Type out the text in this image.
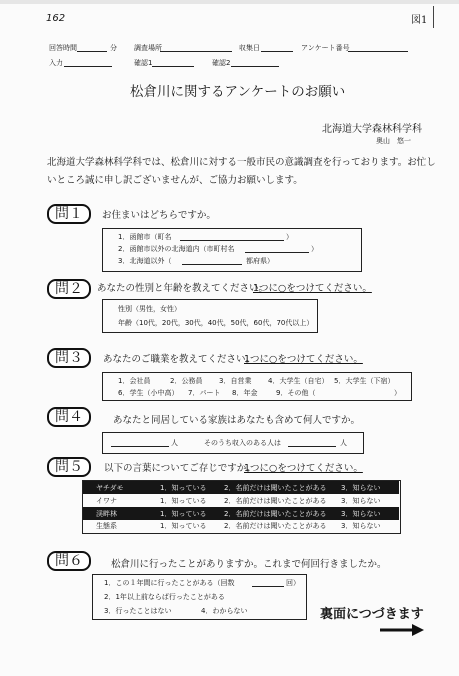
162	図1
回答時間	分 調査場所	収集日	アンケート番号
入力	確認1	確認2
松倉川に関するアンケートのお願い
北海道大学森林科学科
奥山　悠一
北海道大学森林科学科では、松倉川に対する一般市民の意識調査を行っております。お忙し
いところ誠に申し訳ございませんが、ご協力お願いします。
問１	お住まいはどちらですか。
1．函館市（町名	）
2．函館市以外の北海道内（市町村名	）
3．北海道以外（	都府県）
問２	あなたの性別と年齢を教えてください。
1つに○をつけてください。
性別（男性，女性）
年齢（10代，20代，30代，40代，50代，60代，70代以上）
問３	あなたのご職業を教えてください。
1つに○をつけてください。
1．会社員	2．公務員 3．自営業 4．大学生（自宅） 5．大学生（下宿）
6．学生（小中高） 7．パート 8．年金	9．その他（	）
問４	あなたと同居している家族はあなたも含めて何人ですか。
人	そのうち収入のある人は	人
問５	以下の言葉についてご存じですか。
1つに○をつけてください。
ヤチダモ	1．知っている	2．名前だけは聞いたことがある 3．知らない
イワナ	1．知っている	2．名前だけは聞いたことがある 3．知らない
渓畔林	1．知っている	2．名前だけは聞いたことがある 3．知らない
生態系	1．知っている	2．名前だけは聞いたことがある 3．知らない
問６	松倉川に行ったことがありますか。これまで何回行きましたか。
1．この１年間に行ったことがある（回数	回）
2．1年以上前ならば行ったことがある
3．行ったことはない	4．わからない	裏面につづきます
